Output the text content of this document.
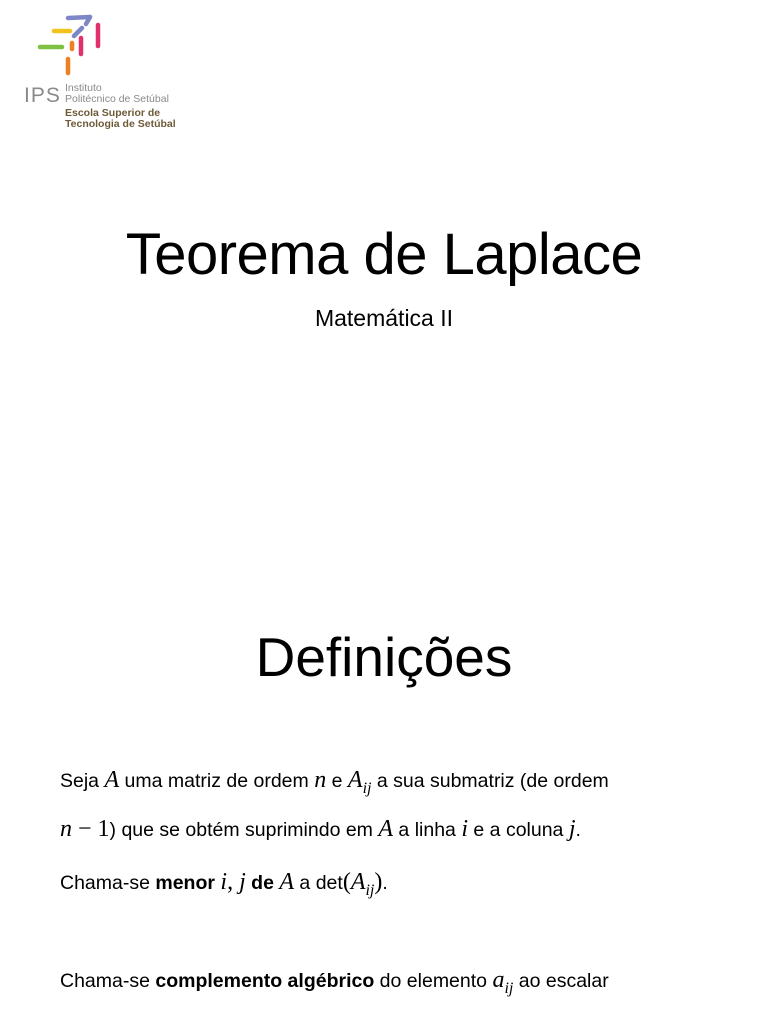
IPS Instituto
Politécnico de Setúbal
Escola Superior de
Tecnologia de Setúbal
Teorema de Laplace
Matemática II
Definições
Seja A uma matriz de ordem n e $A_{ij}$ a sua submatriz (de ordem
n − 1) que se obtém suprimindo em A a linha i e a coluna j.
Chama-se menor i, j de A a $\det(A_{ij})$.
Chama-se complemento algébrico do elemento $a_{ij}$ ao escalar
